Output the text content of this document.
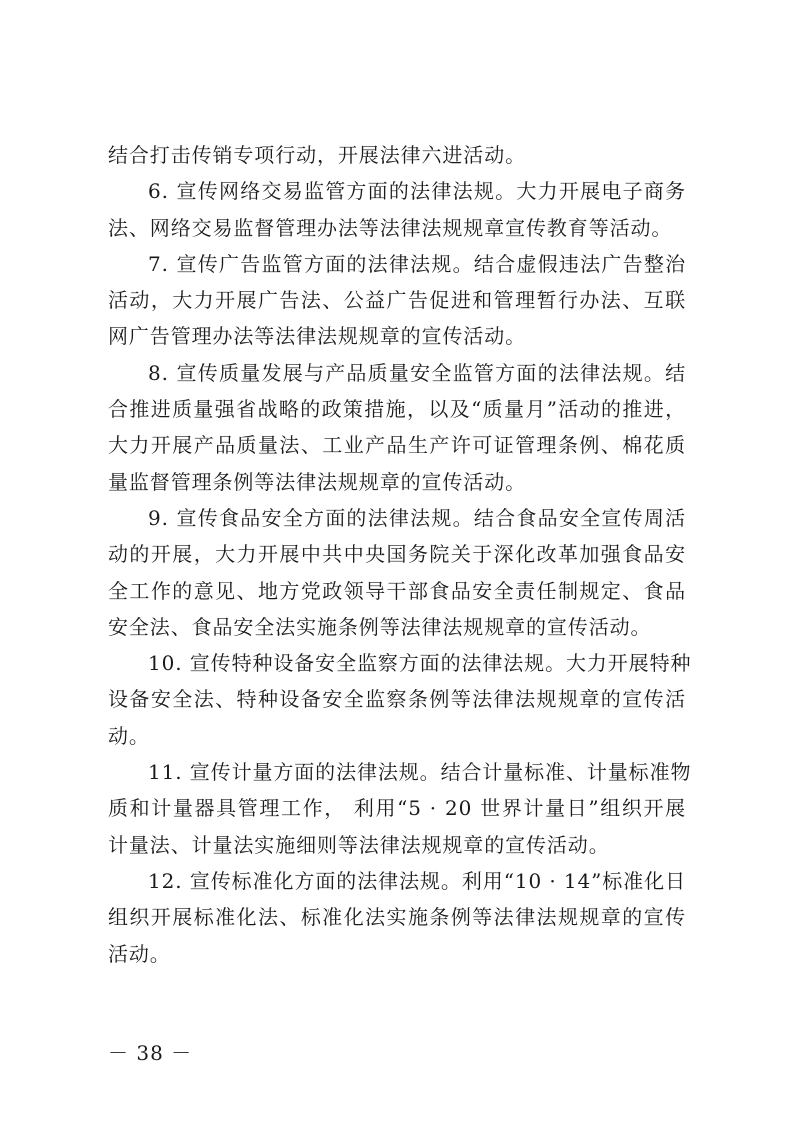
结合打击传销专项行动，开展法律六进活动。
6. 宣传网络交易监管方面的法律法规。大力开展电子商务
法、网络交易监督管理办法等法律法规规章宣传教育等活动。
7. 宣传广告监管方面的法律法规。结合虚假违法广告整治
活动，大力开展广告法、公益广告促进和管理暂行办法、互联
网广告管理办法等法律法规规章的宣传活动。
8. 宣传质量发展与产品质量安全监管方面的法律法规。结
合推进质量强省战略的政策措施，以及“质量月”活动的推进，
大力开展产品质量法、工业产品生产许可证管理条例、棉花质
量监督管理条例等法律法规规章的宣传活动。
9. 宣传食品安全方面的法律法规。结合食品安全宣传周活
动的开展，大力开展中共中央国务院关于深化改革加强食品安
全工作的意见、地方党政领导干部食品安全责任制规定、食品
安全法、食品安全法实施条例等法律法规规章的宣传活动。
10. 宣传特种设备安全监察方面的法律法规。大力开展特种
设备安全法、特种设备安全监察条例等法律法规规章的宣传活
动。
11. 宣传计量方面的法律法规。结合计量标准、计量标准物
质和计量器具管理工作， 利用“5 · 20 世界计量日”组织开展
计量法、计量法实施细则等法律法规规章的宣传活动。
12. 宣传标准化方面的法律法规。利用“10 · 14”标准化日
组织开展标准化法、标准化法实施条例等法律法规规章的宣传
活动。
－ 38 －
